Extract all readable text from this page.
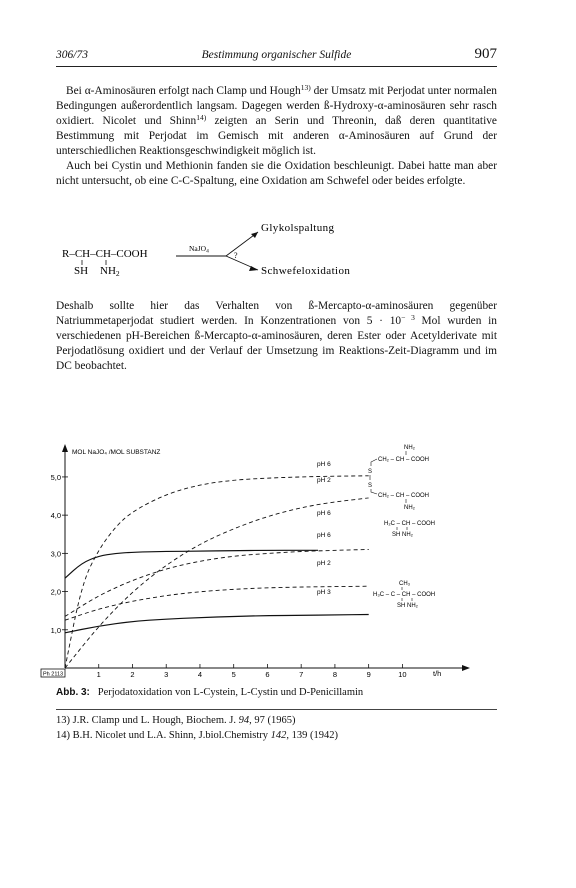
306/73	Bestimmung organischer Sulfide	907

Bei α-Aminosäuren erfolgt nach Clamp und Hough$^{13)}$ der Umsatz mit Perjodat unter normalen Bedingungen außerordentlich langsam. Dagegen werden ß-Hydroxy-α-aminosäuren sehr rasch oxidiert. Nicolet und Shinn$^{14)}$ zeigten an Serin und Threonin, daß deren quantitative Bestimmung mit Perjodat im Gemisch mit anderen α-Aminosäuren auf Grund der unterschiedlichen Reaktionsgeschwindigkeit möglich ist.

Auch bei Cystin und Methionin fanden sie die Oxidation beschleunigt. Dabei hatte man aber nicht untersucht, ob eine C-C-Spaltung, eine Oxidation am Schwefel oder beides erfolgte.

R–CH–CH–COOH
SH NH2
NaJO$_4$	?
Glykolspaltung
Schwefeloxidation

Deshalb sollte hier das Verhalten von ß-Mercapto-α-aminosäuren gegenüber Natriummetaperjodat studiert werden. In Konzentrationen von $5 \cdot 10^{- 3}$ Mol wurden in verschiedenen pH-Bereichen ß-Mercapto-α-aminosäuren, deren Ester oder Acetylderivate mit Perjodatlösung oxidiert und der Verlauf der Umsetzung im Reaktions-Zeit-Diagramm und im DC beobachtet.

MOL NaJO₄ /MOL SUBSTANZ
t/h
Ph 2113	1	2	3	4	5	6	7	8	9	10
1,0
2,0
3,0
4,0
5,0
pH 6
pH 2
pH 6
pH 6
pH 2
pH 3
NH₂
CH₂ – CH – COOH
S
S
CH₂ – CH – COOH
NH₂
H₂C – CH – COOH
SH NH₂
CH₃
H₃C – C – CH – COOH
SH NH₂
Abb. 3: Perjodatoxidation von L-Cystein, L-Cystin und D-Penicillamin
13) J.R. Clamp und L. Hough, Biochem. J. 94, 97 (1965)
14) B.H. Nicolet und L.A. Shinn, J.biol.Chemistry 142, 139 (1942)
